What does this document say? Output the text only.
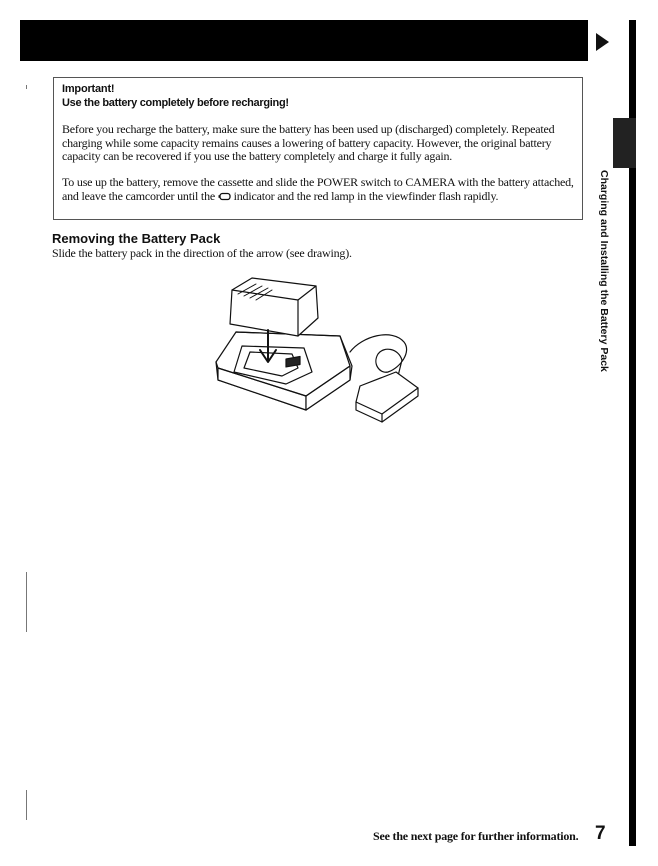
Charging and Installing the Battery Pack
Important!
Use the battery completely before recharging!
Before you recharge the battery, make sure the battery has been used up (discharged) completely. Repeated charging while some capacity remains causes a lowering of battery capacity. However, the original battery capacity can be recovered if you use the battery completely and charge it fully again.
To use up the battery, remove the cassette and slide the POWER switch to CAMERA with the battery attached, and leave the camcorder until the  indicator and the red lamp in the viewfinder flash rapidly.
Removing the Battery Pack
Slide the battery pack in the direction of the arrow (see drawing).
See the next page for further information. 7
